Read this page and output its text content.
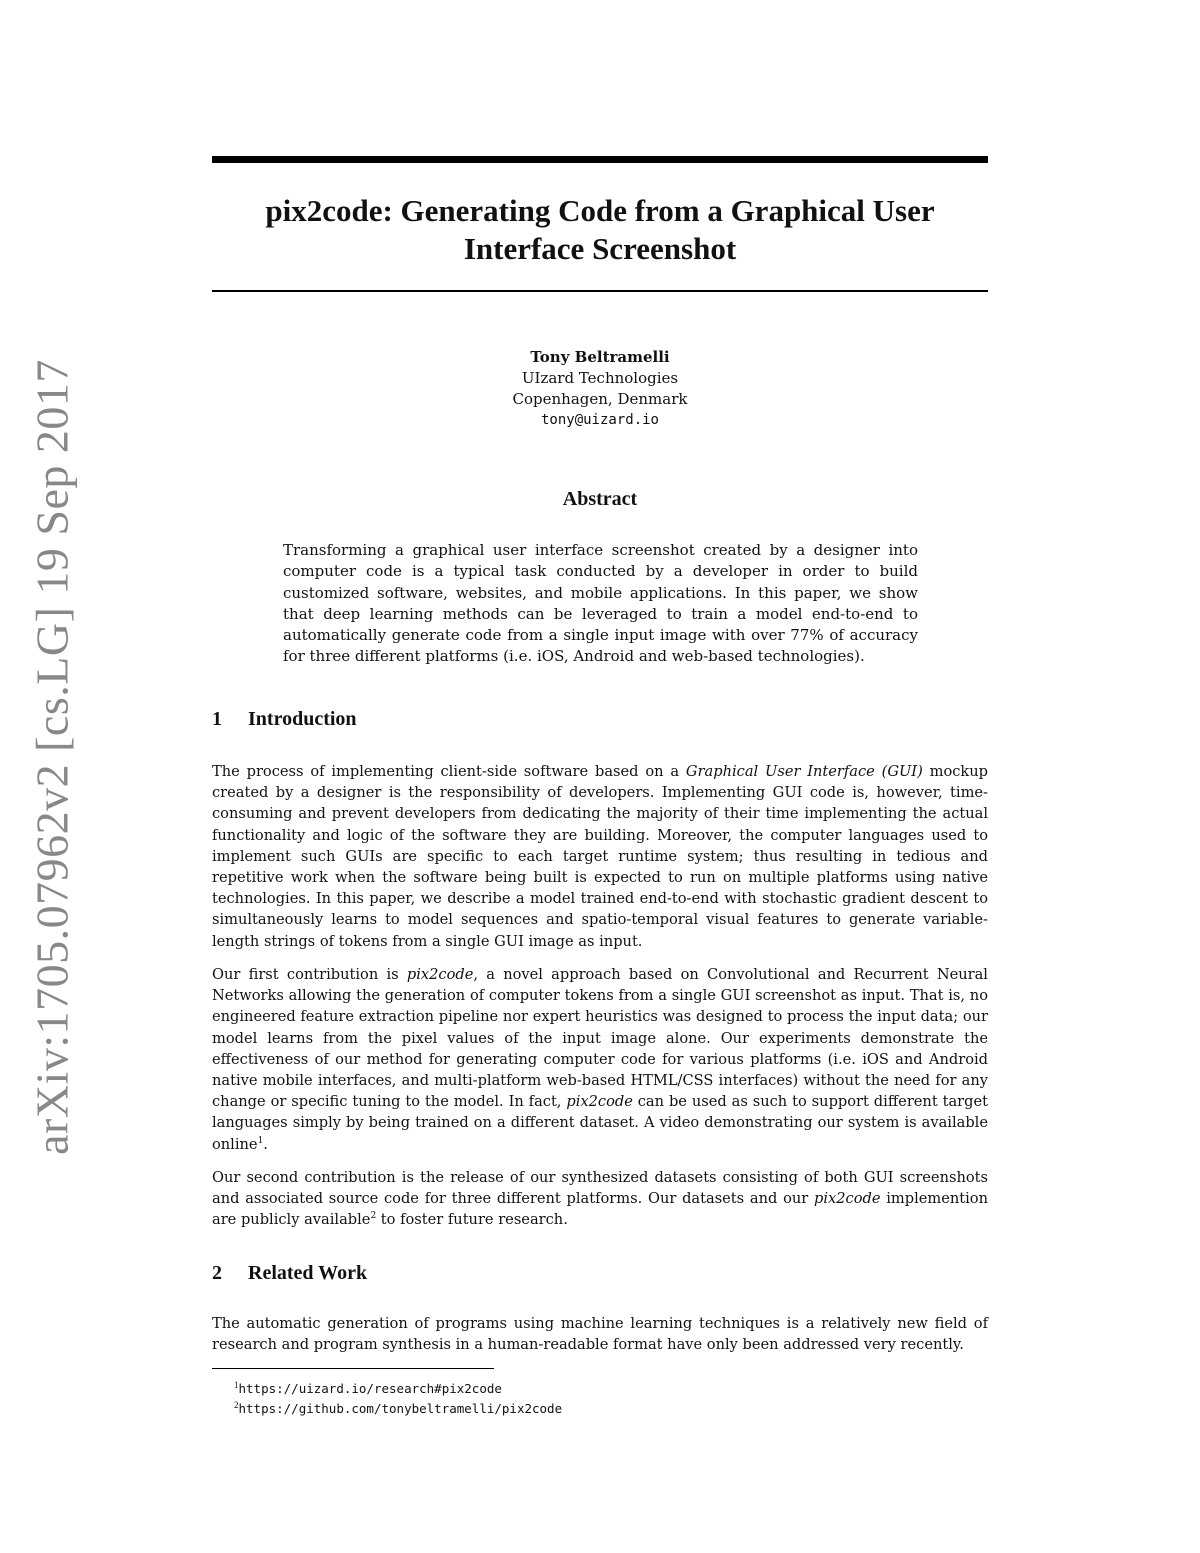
arXiv:1705.07962v2 [cs.LG] 19 Sep 2017
pix2code: Generating Code from a Graphical User
Interface Screenshot
Tony Beltramelli
UIzard Technologies
Copenhagen, Denmark
tony@uizard.io
Abstract
Transforming a graphical user interface screenshot created by a designer into computer code is a typical task conducted by a developer in order to build customized software, websites, and mobile applications. In this paper, we show that deep learning methods can be leveraged to train a model end-to-end to automatically generate code from a single input image with over 77% of accuracy for three different platforms (i.e. iOS, Android and web-based technologies).
1 Introduction

The process of implementing client-side software based on a Graphical User Interface (GUI) mockup created by a designer is the responsibility of developers. Implementing GUI code is, however, time-consuming and prevent developers from dedicating the majority of their time implementing the actual functionality and logic of the software they are building. Moreover, the computer languages used to implement such GUIs are specific to each target runtime system; thus resulting in tedious and repetitive work when the software being built is expected to run on multiple platforms using native technologies. In this paper, we describe a model trained end-to-end with stochastic gradient descent to simultaneously learns to model sequences and spatio-temporal visual features to generate variable-length strings of tokens from a single GUI image as input.

Our first contribution is pix2code, a novel approach based on Convolutional and Recurrent Neural Networks allowing the generation of computer tokens from a single GUI screenshot as input. That is, no engineered feature extraction pipeline nor expert heuristics was designed to process the input data; our model learns from the pixel values of the input image alone. Our experiments demonstrate the effectiveness of our method for generating computer code for various platforms (i.e. iOS and Android native mobile interfaces, and multi-platform web-based HTML/CSS interfaces) without the need for any change or specific tuning to the model. In fact, pix2code can be used as such to support different target languages simply by being trained on a different dataset. A video demonstrating our system is available online$^1$.

Our second contribution is the release of our synthesized datasets consisting of both GUI screenshots and associated source code for three different platforms. Our datasets and our pix2code implemention are publicly available$^2$ to foster future research.

2 Related Work

The automatic generation of programs using machine learning techniques is a relatively new field of research and program synthesis in a human-readable format have only been addressed very recently.

$^1$https://uizard.io/research#pix2code
$^2$https://github.com/tonybeltramelli/pix2code
